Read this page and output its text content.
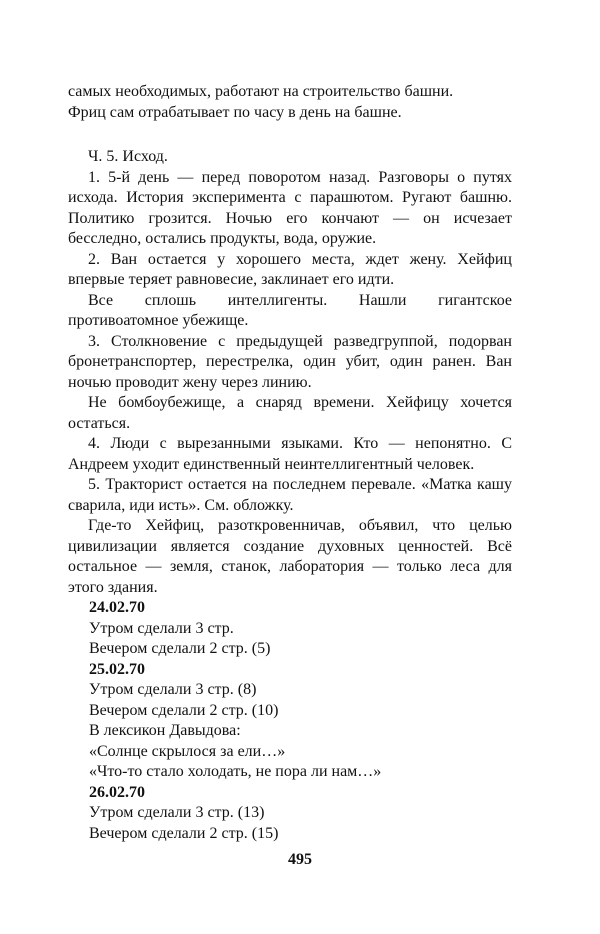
самых необходимых, работают на строительство башни.
Фриц сам отрабатывает по часу в день на башне.

Ч. 5. Исход.

1. 5-й день — перед поворотом назад. Разговоры о путях исхода. История эксперимента с парашютом. Ругают башню. Политико грозится. Ночью его кончают — он исчезает бесследно, остались продукты, вода, оружие.

2. Ван остается у хорошего места, ждет жену. Хейфиц впервые теряет равновесие, заклинает его идти.

Все сплошь интеллигенты. Нашли гигантское противоатомное убежище.

3. Столкновение с предыдущей разведгруппой, подорван бронетранспортер, перестрелка, один убит, один ранен. Ван ночью проводит жену через линию.

Не бомбоубежище, а снаряд времени. Хейфицу хочется остаться.

4. Люди с вырезанными языками. Кто — непонятно. С Андреем уходит единственный неинтеллигентный человек.

5. Тракторист остается на последнем перевале. «Матка кашу сварила, иди исть». См. обложку.

Где-то Хейфиц, разоткровенничав, объявил, что целью цивилизации является создание духовных ценностей. Всё остальное — земля, станок, лаборатория — только леса для этого здания.

24.02.70
Утром сделали 3 стр.
Вечером сделали 2 стр. (5)
25.02.70
Утром сделали 3 стр. (8)
Вечером сделали 2 стр. (10)
В лексикон Давыдова:
«Солнце скрылося за ели…»
«Что-то стало холодать, не пора ли нам…»
26.02.70
Утром сделали 3 стр. (13)
Вечером сделали 2 стр. (15)
495
